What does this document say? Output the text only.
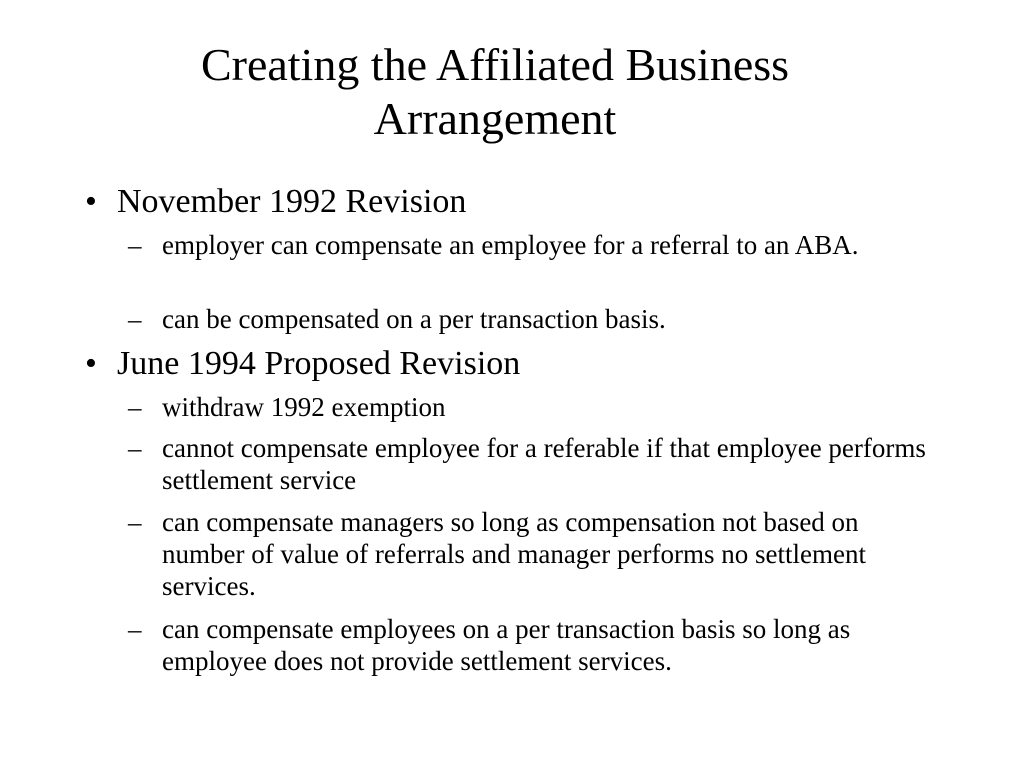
Creating the Affiliated Business
Arrangement
• November 1992 Revision
– employer can compensate an employee for a referral to an ABA.
– can be compensated on a per transaction basis.
• June 1994 Proposed Revision
– withdraw 1992 exemption
– cannot compensate employee for a referable if that employee performs settlement service
– can compensate managers so long as compensation not based on number of value of referrals and manager performs no settlement services.
– can compensate employees on a per transaction basis so long as employee does not provide settlement services.
